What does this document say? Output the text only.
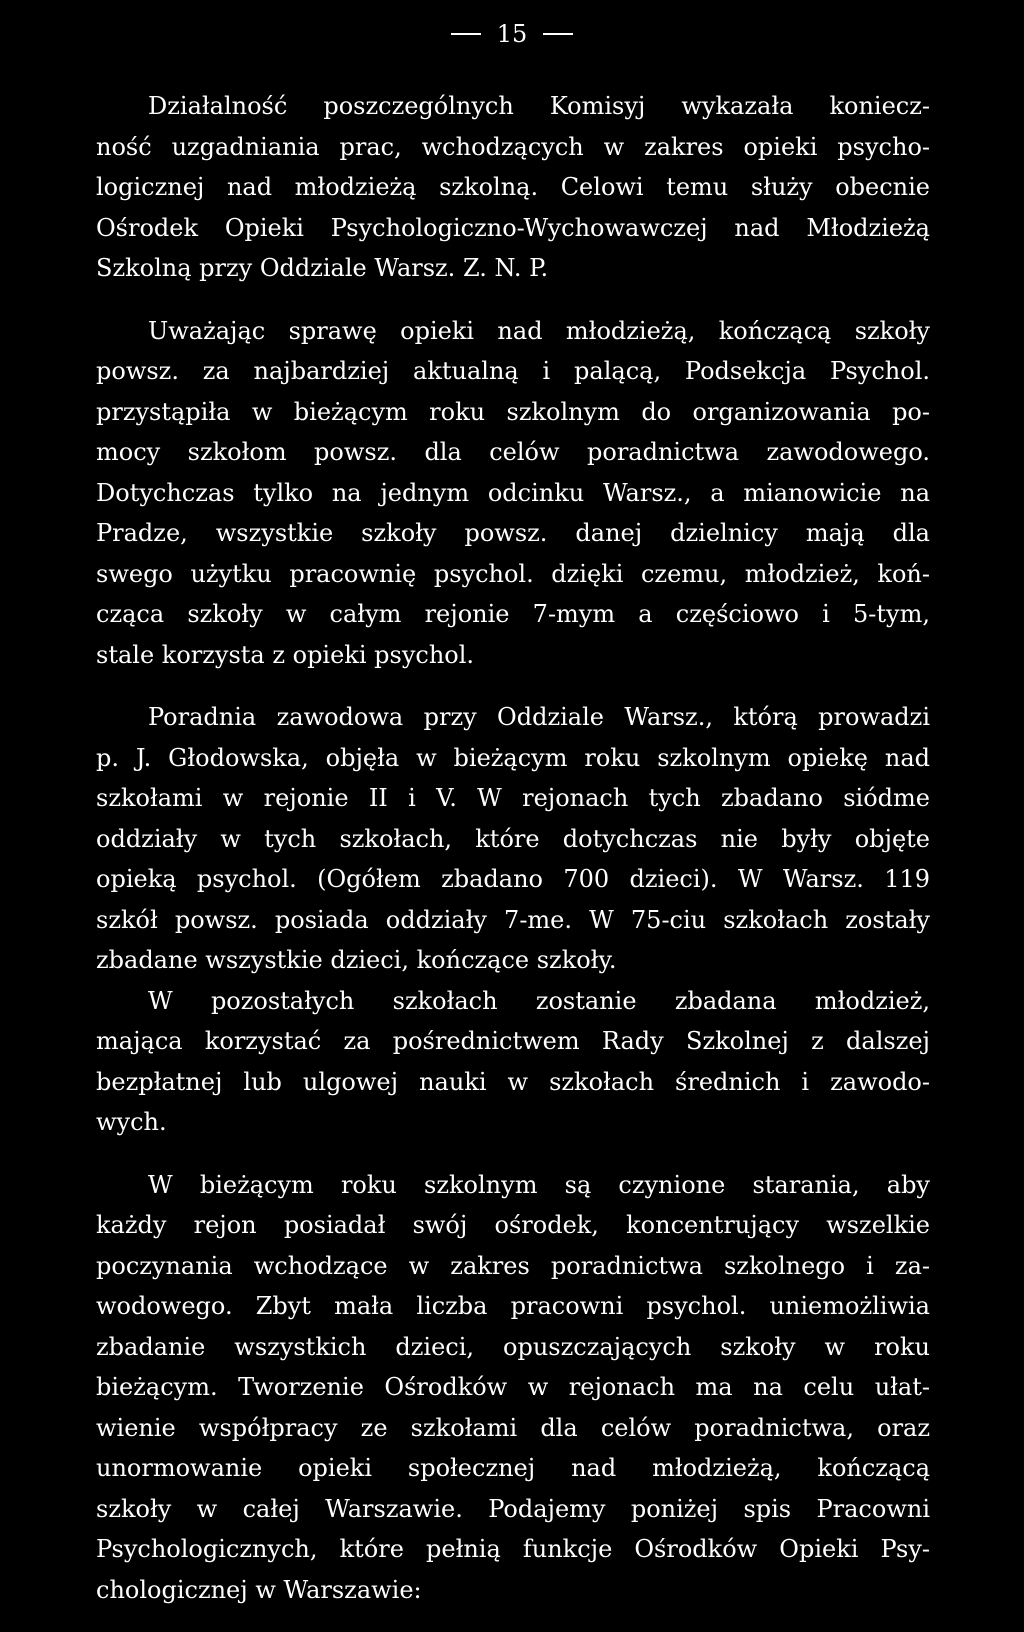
15
Działalność poszczególnych Komisyj wykazała koniecz-
ność uzgadniania prac, wchodzących w zakres opieki psycho-
logicznej nad młodzieżą szkolną. Celowi temu służy obecnie
Ośrodek Opieki Psychologiczno-Wychowawczej nad Młodzieżą
Szkolną przy Oddziale Warsz. Z. N. P.
Uważając sprawę opieki nad młodzieżą, kończącą szkoły
powsz. za najbardziej aktualną i palącą, Podsekcja Psychol.
przystąpiła w bieżącym roku szkolnym do organizowania po-
mocy szkołom powsz. dla celów poradnictwa zawodowego.
Dotychczas tylko na jednym odcinku Warsz., a mianowicie na
Pradze, wszystkie szkoły powsz. danej dzielnicy mają dla
swego użytku pracownię psychol. dzięki czemu, młodzież, koń-
cząca szkoły w całym rejonie 7-mym a częściowo i 5-tym,
stale korzysta z opieki psychol.
Poradnia zawodowa przy Oddziale Warsz., którą prowadzi
p. J. Głodowska, objęła w bieżącym roku szkolnym opiekę nad
szkołami w rejonie II i V. W rejonach tych zbadano siódme
oddziały w tych szkołach, które dotychczas nie były objęte
opieką psychol. (Ogółem zbadano 700 dzieci). W Warsz. 119
szkół powsz. posiada oddziały 7-me. W 75-ciu szkołach zostały
zbadane wszystkie dzieci, kończące szkoły.
W pozostałych szkołach zostanie zbadana młodzież,
mająca korzystać za pośrednictwem Rady Szkolnej z dalszej
bezpłatnej lub ulgowej nauki w szkołach średnich i zawodo-
wych.
W bieżącym roku szkolnym są czynione starania, aby
każdy rejon posiadał swój ośrodek, koncentrujący wszelkie
poczynania wchodzące w zakres poradnictwa szkolnego i za-
wodowego. Zbyt mała liczba pracowni psychol. uniemożliwia
zbadanie wszystkich dzieci, opuszczających szkoły w roku
bieżącym. Tworzenie Ośrodków w rejonach ma na celu ułat-
wienie współpracy ze szkołami dla celów poradnictwa, oraz
unormowanie opieki społecznej nad młodzieżą, kończącą
szkoły w całej Warszawie. Podajemy poniżej spis Pracowni
Psychologicznych, które pełnią funkcje Ośrodków Opieki Psy-
chologicznej w Warszawie:
